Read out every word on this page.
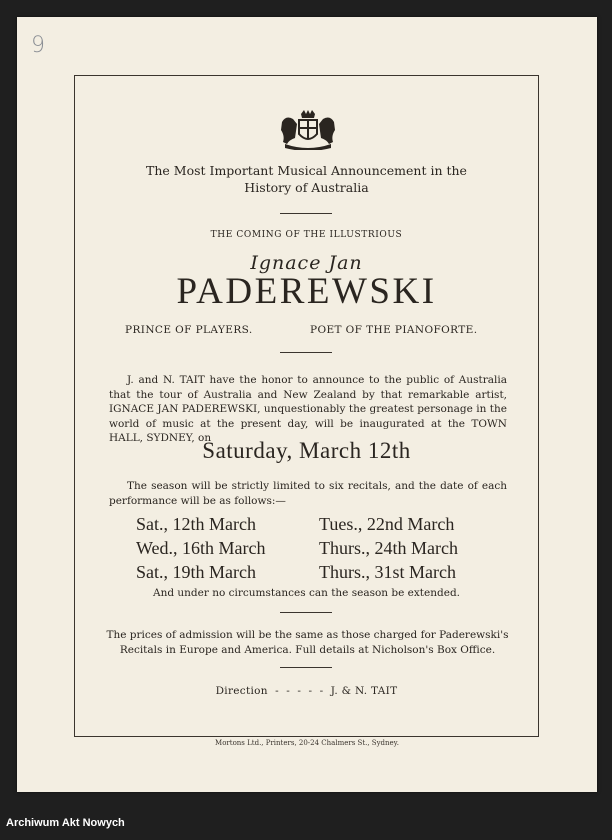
9
The Most Important Musical Announcement in the
History of Australia
THE COMING OF THE ILLUSTRIOUS
Ignace Jan
PADEREWSKI
PRINCE OF PLAYERS.	POET OF THE PIANOFORTE.
J. and N. TAIT have the honor to announce to the public of Australia that the tour of Australia and New Zealand by that remarkable artist, IGNACE JAN PADEREWSKI, unquestionably the greatest personage in the world of music at the present day, will be inaugurated at the TOWN HALL, SYDNEY, on
Saturday, March 12th
The season will be strictly limited to six recitals, and the date of each performance will be as follows:—
Sat., 12th March
Wed., 16th March
Sat., 19th March
Tues., 22nd March
Thurs., 24th March
Thurs., 31st March
And under no circumstances can the season be extended.
The prices of admission will be the same as those charged for Paderewski's
Recitals in Europe and America. Full details at Nicholson's Box Office.
Direction  -  -  -  -  -  J. & N. TAIT
Mortons Ltd., Printers, 20-24 Chalmers St., Sydney.
Archiwum Akt Nowych
